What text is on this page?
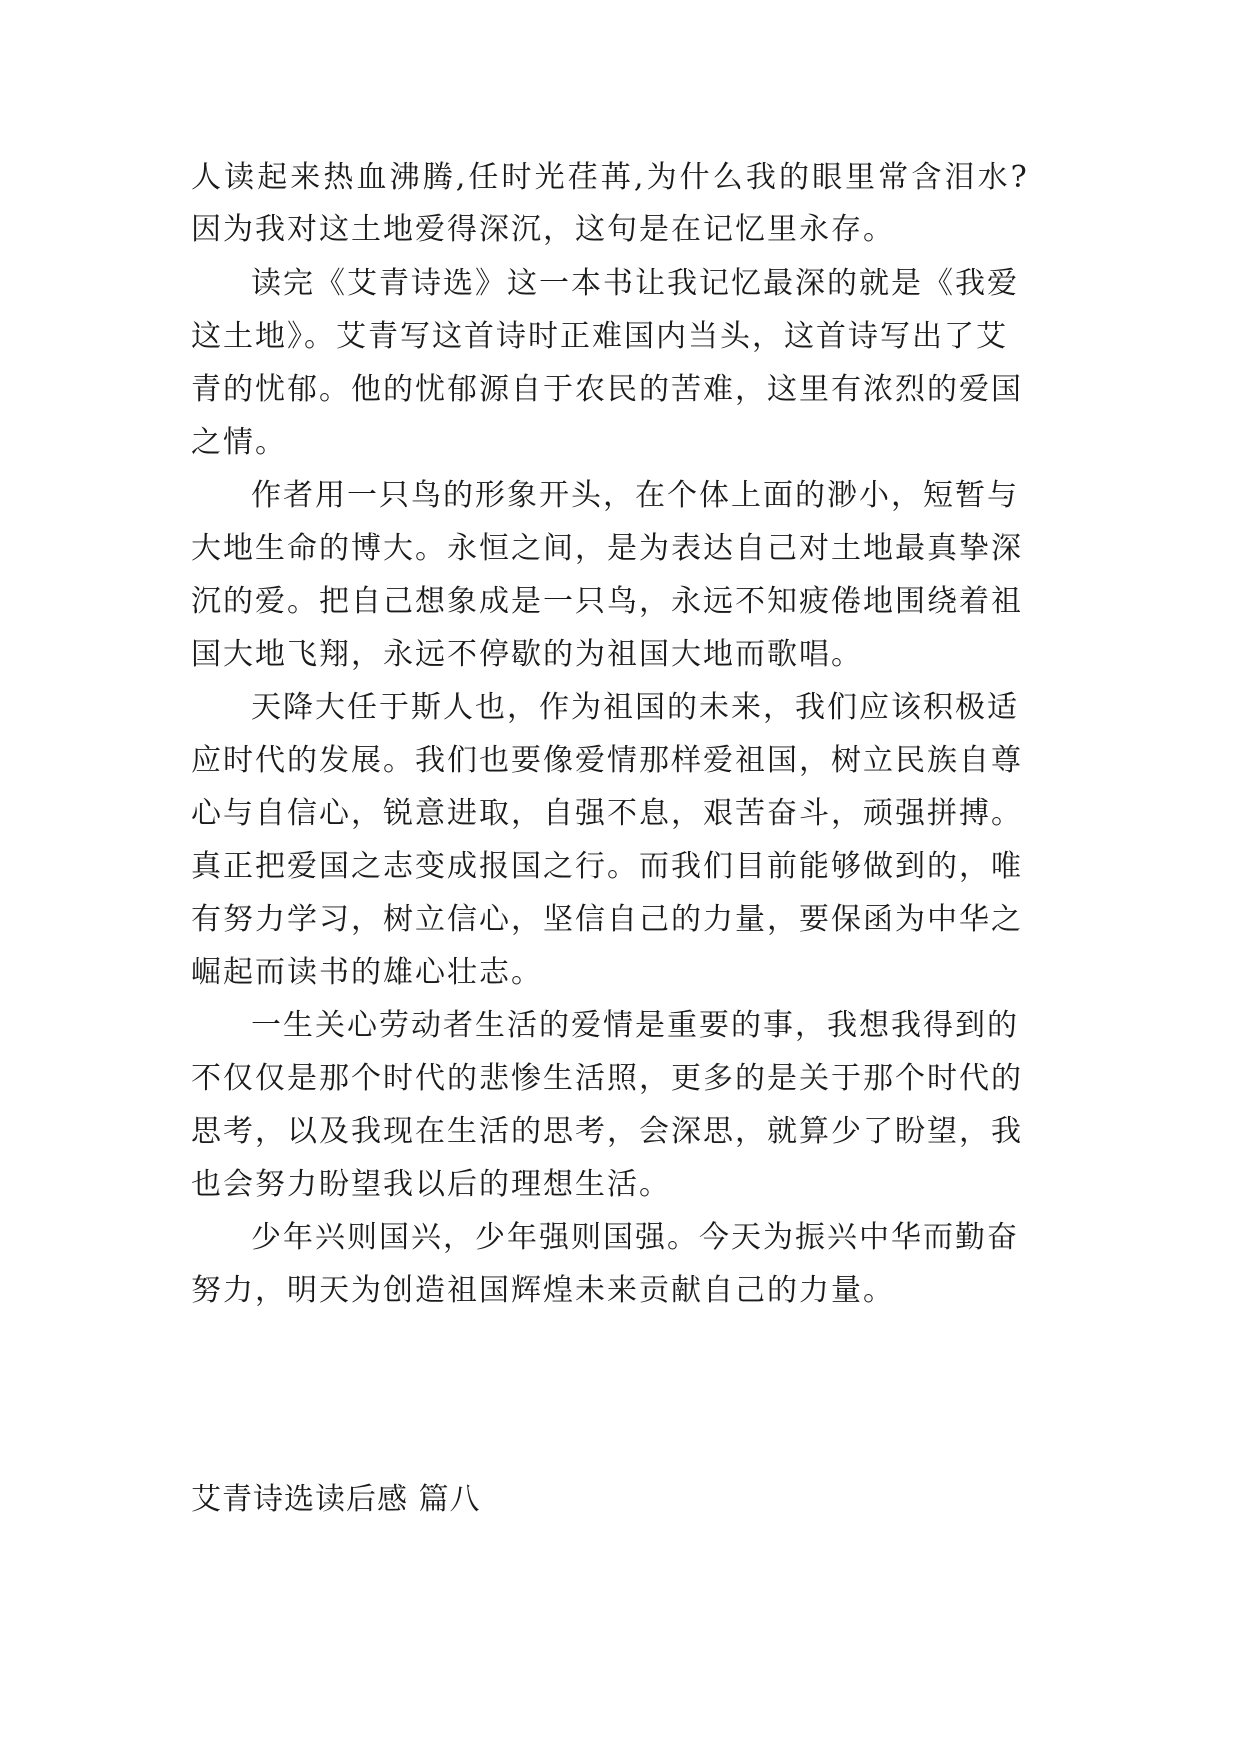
人读起来热血沸腾,任时光荏苒,为什么我的眼里常含泪水?
因为我对这土地爱得深沉，这句是在记忆里永存。
读完《艾青诗选》这一本书让我记忆最深的就是《我爱
这土地》。艾青写这首诗时正难国内当头，这首诗写出了艾
青的忧郁。他的忧郁源自于农民的苦难，这里有浓烈的爱国
之情。
作者用一只鸟的形象开头，在个体上面的渺小，短暂与
大地生命的博大。永恒之间，是为表达自己对土地最真挚深
沉的爱。把自己想象成是一只鸟，永远不知疲倦地围绕着祖
国大地飞翔，永远不停歇的为祖国大地而歌唱。
天降大任于斯人也，作为祖国的未来，我们应该积极适
应时代的发展。我们也要像爱情那样爱祖国，树立民族自尊
心与自信心，锐意进取，自强不息，艰苦奋斗，顽强拼搏。
真正把爱国之志变成报国之行。而我们目前能够做到的，唯
有努力学习，树立信心，坚信自己的力量，要保函为中华之
崛起而读书的雄心壮志。
一生关心劳动者生活的爱情是重要的事，我想我得到的
不仅仅是那个时代的悲惨生活照，更多的是关于那个时代的
思考，以及我现在生活的思考，会深思，就算少了盼望，我
也会努力盼望我以后的理想生活。
少年兴则国兴，少年强则国强。今天为振兴中华而勤奋
努力，明天为创造祖国辉煌未来贡献自己的力量。
艾青诗选读后感 篇八
